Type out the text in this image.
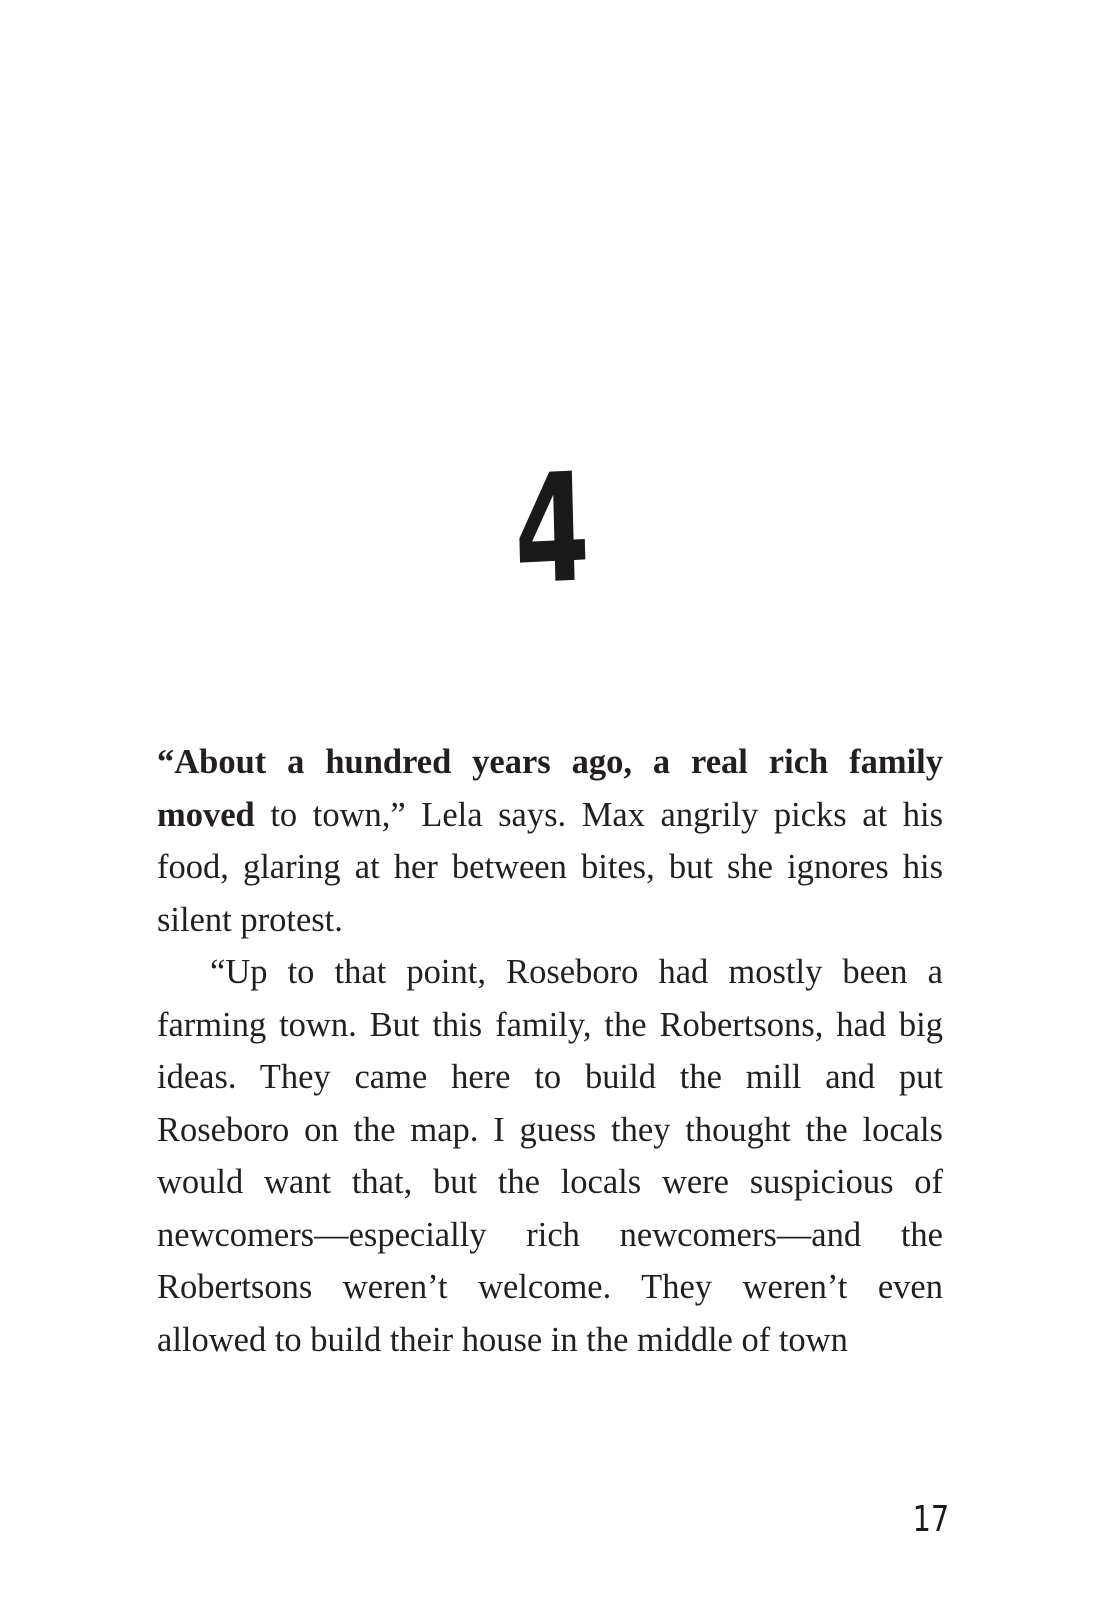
4

“About a hundred years ago, a real rich family moved to town,” Lela says. Max angrily picks at his food, glaring at her between bites, but she ignores his silent protest.

“Up to that point, Roseboro had mostly been a farming town. But this family, the Robertsons, had big ideas. They came here to build the mill and put Roseboro on the map. I guess they thought the locals would want that, but the locals were suspicious of newcomers—especially rich newcomers—and the Robertsons weren’t welcome. They weren’t even allowed to build their house in the middle of town

17
